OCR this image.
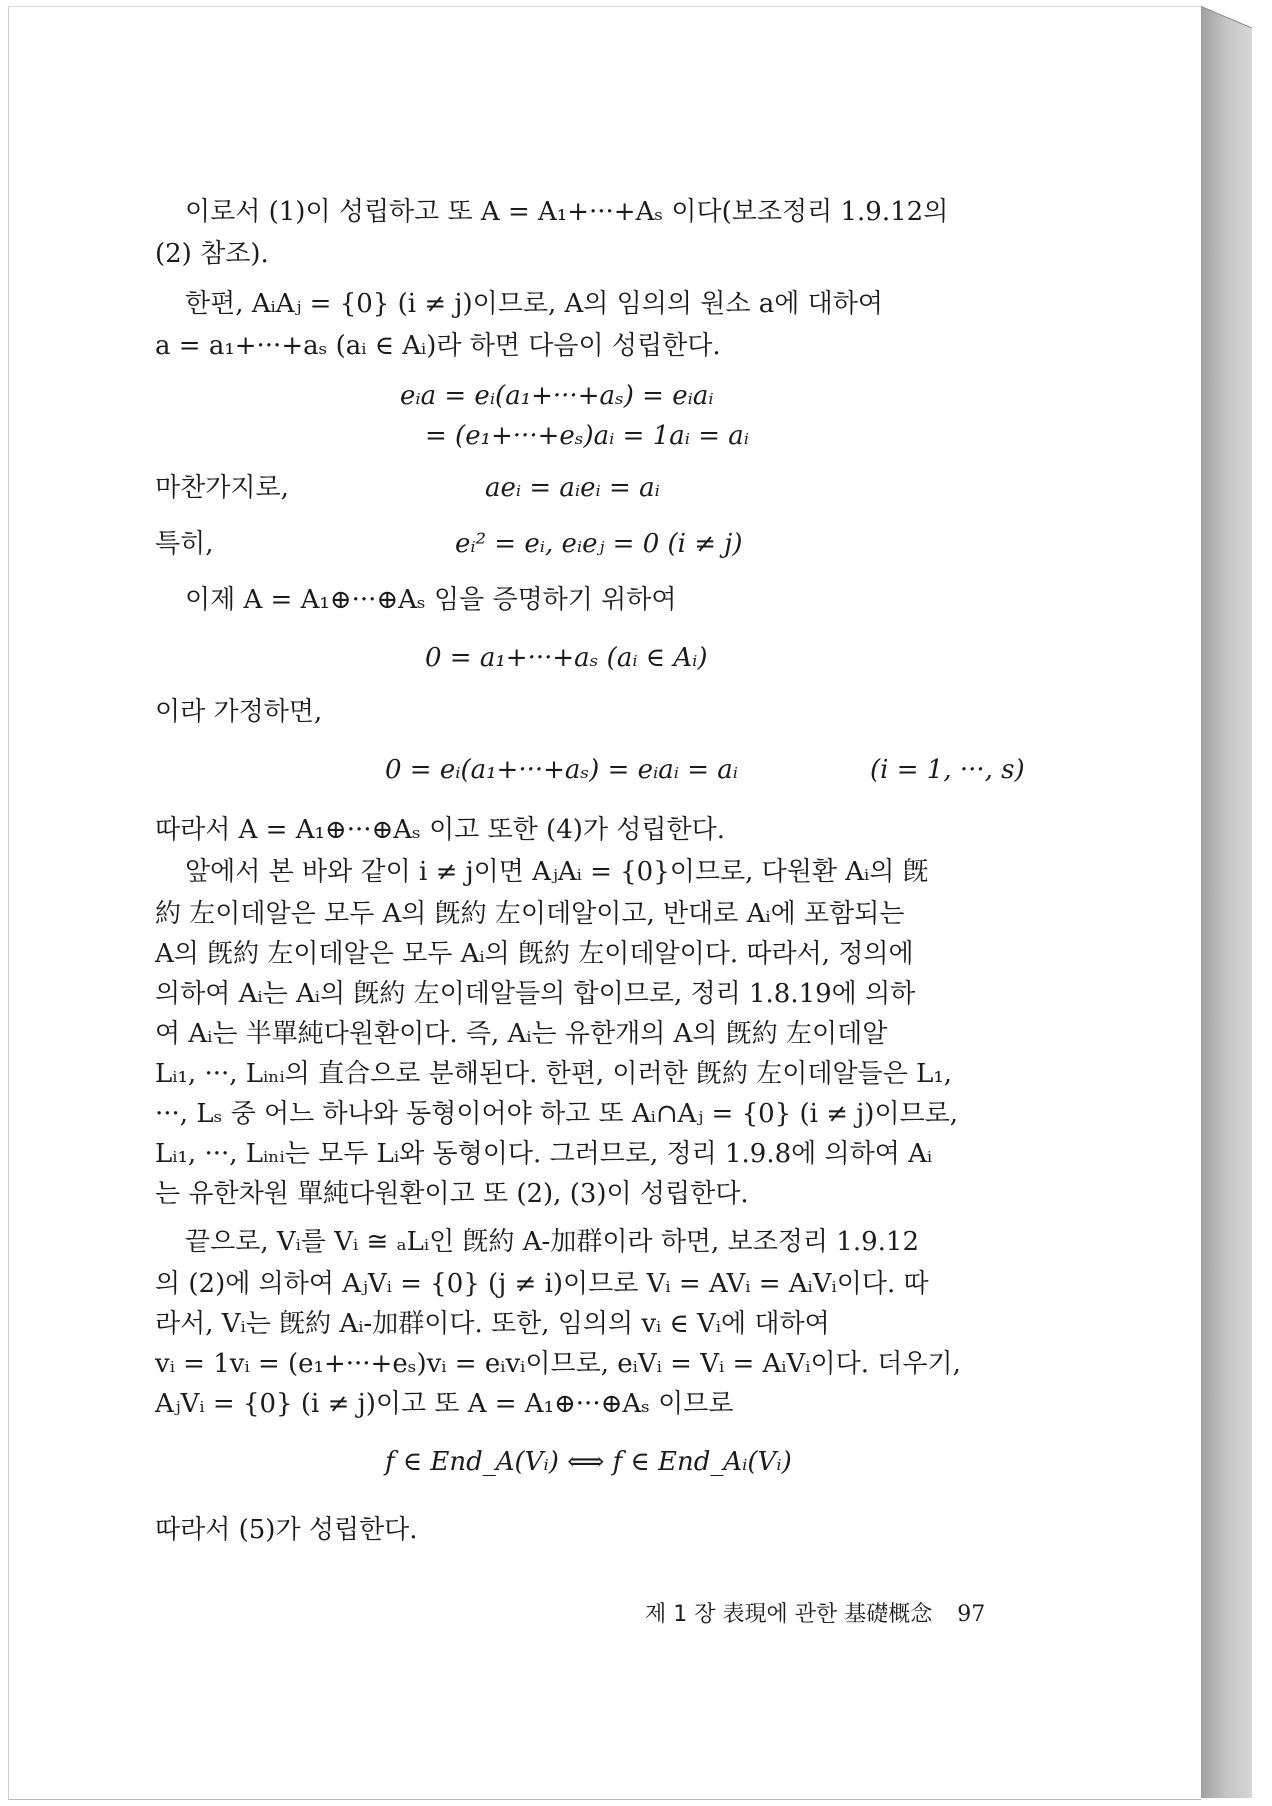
이로서 (1)이 성립하고 또 A = A₁+···+Aₛ 이다(보조정리 1.9.12의
(2) 참조).
한편, AᵢAⱼ = {0} (i ≠ j)이므로, A의 임의의 원소 a에 대하여
a = a₁+···+aₛ (aᵢ ∈ Aᵢ)라 하면 다음이 성립한다.
eᵢa = eᵢ(a₁+···+aₛ) = eᵢaᵢ
= (e₁+···+eₛ)aᵢ = 1aᵢ = aᵢ
마찬가지로,	aeᵢ = aᵢeᵢ = aᵢ
특히,	eᵢ² = eᵢ, eᵢeⱼ = 0 (i ≠ j)
이제 A = A₁⊕···⊕Aₛ 임을 증명하기 위하여
0 = a₁+···+aₛ (aᵢ ∈ Aᵢ)
이라 가정하면,
0 = eᵢ(a₁+···+aₛ) = eᵢaᵢ = aᵢ	(i = 1, ···, s)
따라서 A = A₁⊕···⊕Aₛ 이고 또한 (4)가 성립한다.
앞에서 본 바와 같이 i ≠ j이면 AⱼAᵢ = {0}이므로, 다원환 Aᵢ의 旣
約 左이데알은 모두 A의 旣約 左이데알이고, 반대로 Aᵢ에 포함되는
A의 旣約 左이데알은 모두 Aᵢ의 旣約 左이데알이다. 따라서, 정의에
의하여 Aᵢ는 Aᵢ의 旣約 左이데알들의 합이므로, 정리 1.8.19에 의하
여 Aᵢ는 半單純다원환이다. 즉, Aᵢ는 유한개의 A의 旣約 左이데알
Lᵢ₁, ···, Lᵢₙᵢ의 直合으로 분해된다. 한편, 이러한 旣約 左이데알들은 L₁,
···, Lₛ 중 어느 하나와 동형이어야 하고 또 Aᵢ∩Aⱼ = {0} (i ≠ j)이므로,
Lᵢ₁, ···, Lᵢₙᵢ는 모두 Lᵢ와 동형이다. 그러므로, 정리 1.9.8에 의하여 Aᵢ
는 유한차원 單純다원환이고 또 (2), (3)이 성립한다.
끝으로, Vᵢ를 Vᵢ ≅ ₐLᵢ인 旣約 A-加群이라 하면, 보조정리 1.9.12
의 (2)에 의하여 AⱼVᵢ = {0} (j ≠ i)이므로 Vᵢ = AVᵢ = AᵢVᵢ이다. 따
라서, Vᵢ는 旣約 Aᵢ-加群이다. 또한, 임의의 vᵢ ∈ Vᵢ에 대하여
vᵢ = 1vᵢ = (e₁+···+eₛ)vᵢ = eᵢvᵢ이므로, eᵢVᵢ = Vᵢ = AᵢVᵢ이다. 더우기,
AⱼVᵢ = {0} (i ≠ j)이고 또 A = A₁⊕···⊕Aₛ 이므로
f ∈ End_A(Vᵢ) ⟺ f ∈ End_Aᵢ(Vᵢ)
따라서 (5)가 성립한다.
제 1 장 表現에 관한 基礎概念 97
